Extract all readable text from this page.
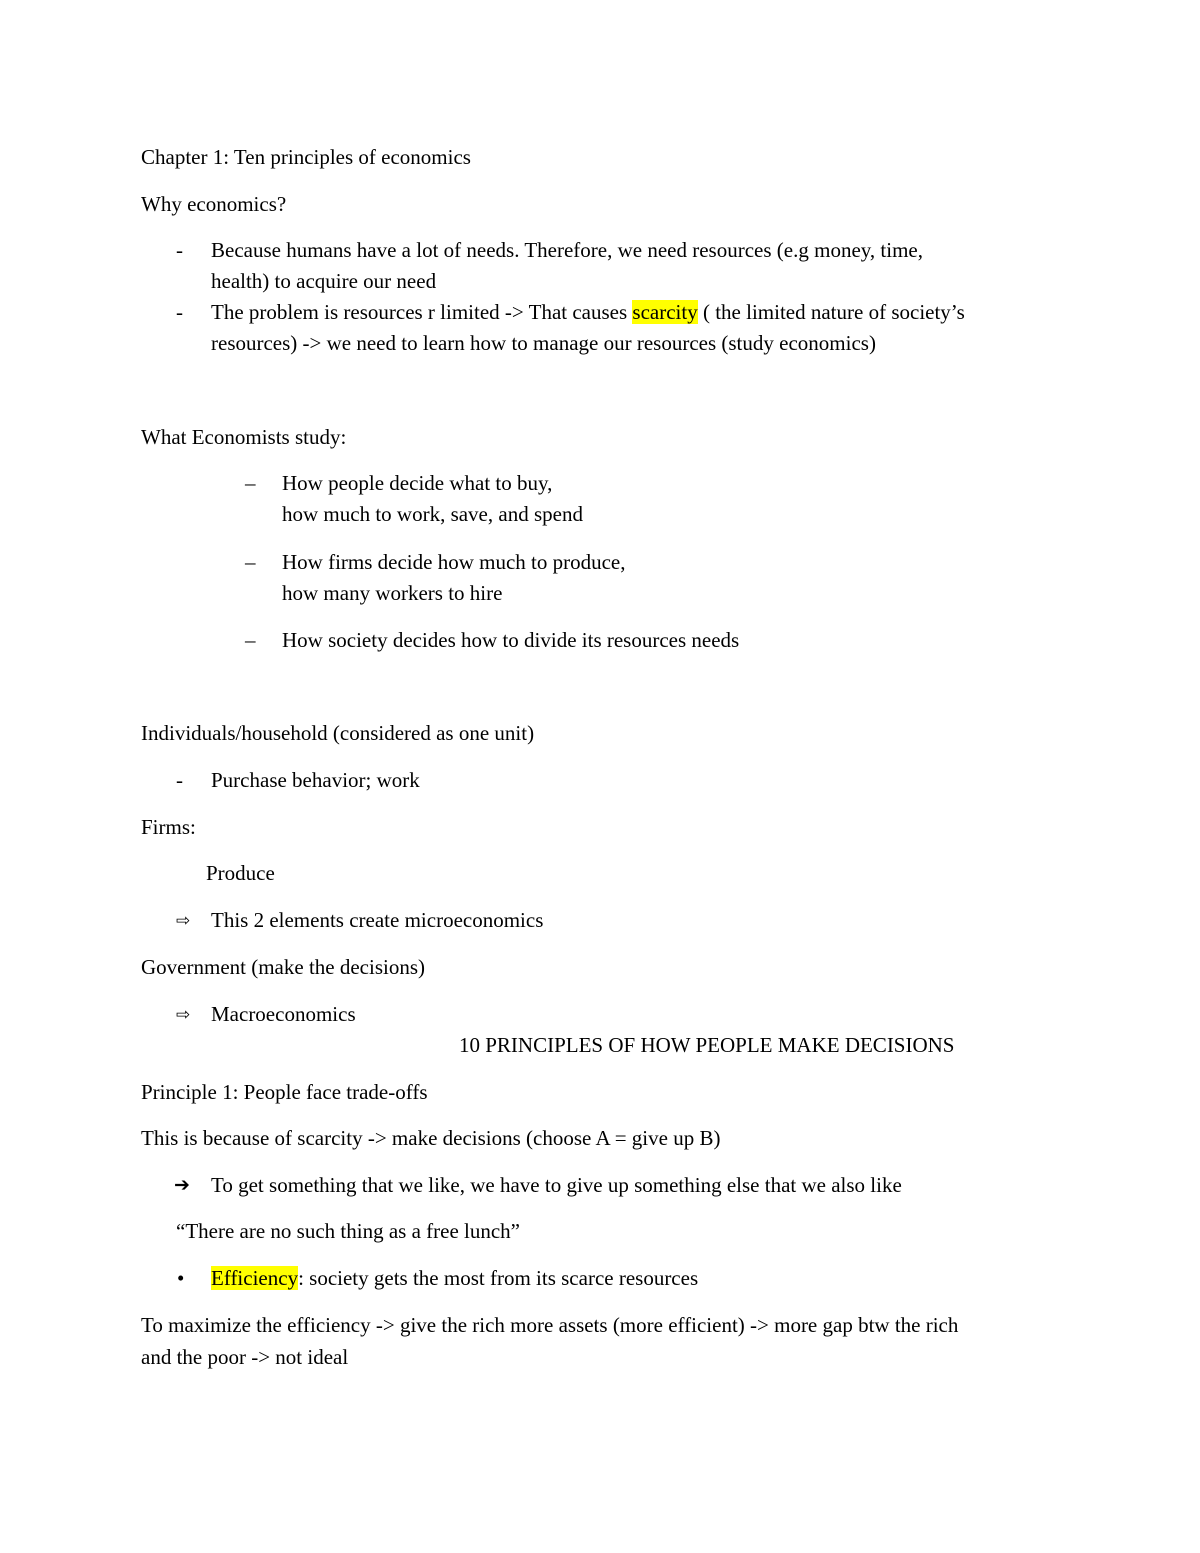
Chapter 1: Ten principles of economics
Why economics?
- Because humans have a lot of needs. Therefore, we need resources (e.g money, time,
health) to acquire our need
- The problem is resources r limited -> That causes scarcity ( the limited nature of society’s
resources) -> we need to learn how to manage our resources (study economics)
What Economists study:
– How people decide what to buy,
how much to work, save, and spend
– How firms decide how much to produce,
how many workers to hire
– How society decides how to divide its resources needs
Individuals/household (considered as one unit)
- Purchase behavior; work
Firms:
Produce
⇨ This 2 elements create microeconomics
Government (make the decisions)
⇨ Macroeconomics
10 PRINCIPLES OF HOW PEOPLE MAKE DECISIONS
Principle 1: People face trade-offs
This is because of scarcity -> make decisions (choose A = give up B)
➔ To get something that we like, we have to give up something else that we also like
“There are no such thing as a free lunch”
• Efficiency: society gets the most from its scarce resources
To maximize the efficiency -> give the rich more assets (more efficient) -> more gap btw the rich
and the poor -> not ideal
